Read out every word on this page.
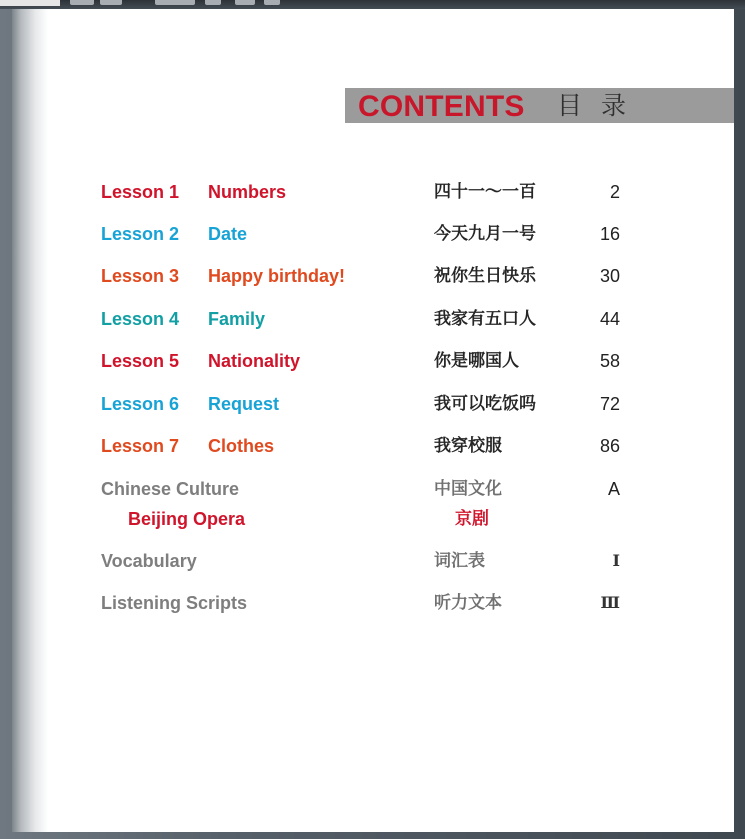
CONTENTS 目 录
Lesson 1 Numbers	四十一～一百	2
Lesson 2 Date	今天九月一号	16
Lesson 3 Happy birthday!	祝你生日快乐	30
Lesson 4 Family	我家有五口人	44
Lesson 5 Nationality	你是哪国人	58
Lesson 6 Request	我可以吃饭吗	72
Lesson 7 Clothes	我穿校服	86
Chinese Culture	中国文化	A
Beijing Opera	京剧
Vocabulary	词汇表	I
Listening Scripts	听力文本	Ⅲ
